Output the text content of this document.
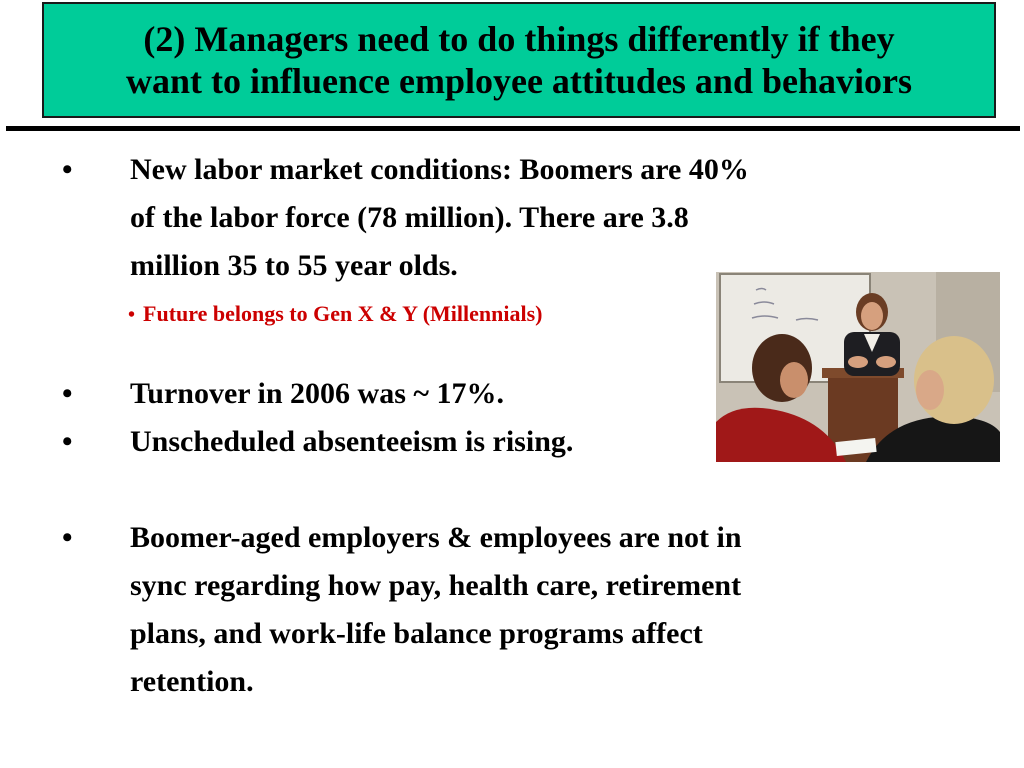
(2) Managers need to do things differently if they
want to influence employee attitudes and behaviors
• New labor market conditions: Boomers are 40%
of the labor force (78 million). There are 3.8
million 35 to 55 year olds.
• Future belongs to Gen X & Y (Millennials)
• Turnover in 2006 was ~ 17%.
• Unscheduled absenteeism is rising.
• Boomer-aged employers & employees are not in
sync regarding how pay, health care, retirement
plans, and work-life balance programs affect
retention.
